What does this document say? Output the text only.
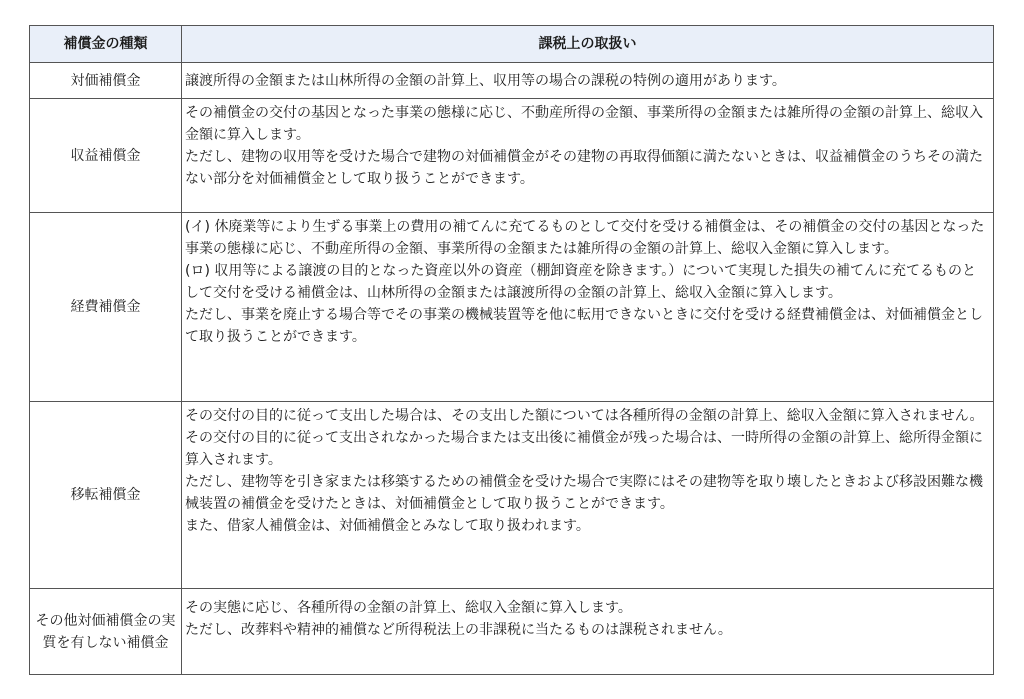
補償金の種類	課税上の取扱い
対価補償金	譲渡所得の金額または山林所得の金額の計算上、収用等の場合の課税の特例の適用があります。

収益補償金	その補償金の交付の基因となった事業の態様に応じ、不動産所得の金額、事業所得の金額または雑所得の金額の計算上、総収入金額に算入します。
ただし、建物の収用等を受けた場合で建物の対価補償金がその建物の再取得価額に満たないときは、収益補償金のうちその満たない部分を対価補償金として取り扱うことができます。

経費補償金	(イ) 休廃業等により生ずる事業上の費用の補てんに充てるものとして交付を受ける補償金は、その補償金の交付の基因となった事業の態様に応じ、不動産所得の金額、事業所得の金額または雑所得の金額の計算上、総収入金額に算入します。
(ロ) 収用等による譲渡の目的となった資産以外の資産（棚卸資産を除きます。）について実現した損失の補てんに充てるものとして交付を受ける補償金は、山林所得の金額または譲渡所得の金額の計算上、総収入金額に算入します。
ただし、事業を廃止する場合等でその事業の機械装置等を他に転用できないときに交付を受ける経費補償金は、対価補償金として取り扱うことができます。

移転補償金	その交付の目的に従って支出した場合は、その支出した額については各種所得の金額の計算上、総収入金額に算入されません。
その交付の目的に従って支出されなかった場合または支出後に補償金が残った場合は、一時所得の金額の計算上、総所得金額に算入されます。
ただし、建物等を引き家または移築するための補償金を受けた場合で実際にはその建物等を取り壊したときおよび移設困難な機械装置の補償金を受けたときは、対価補償金として取り扱うことができます。
また、借家人補償金は、対価補償金とみなして取り扱われます。

その他対価補償金の実質を有しない補償金	その実態に応じ、各種所得の金額の計算上、総収入金額に算入します。
ただし、改葬料や精神的補償など所得税法上の非課税に当たるものは課税されません。
